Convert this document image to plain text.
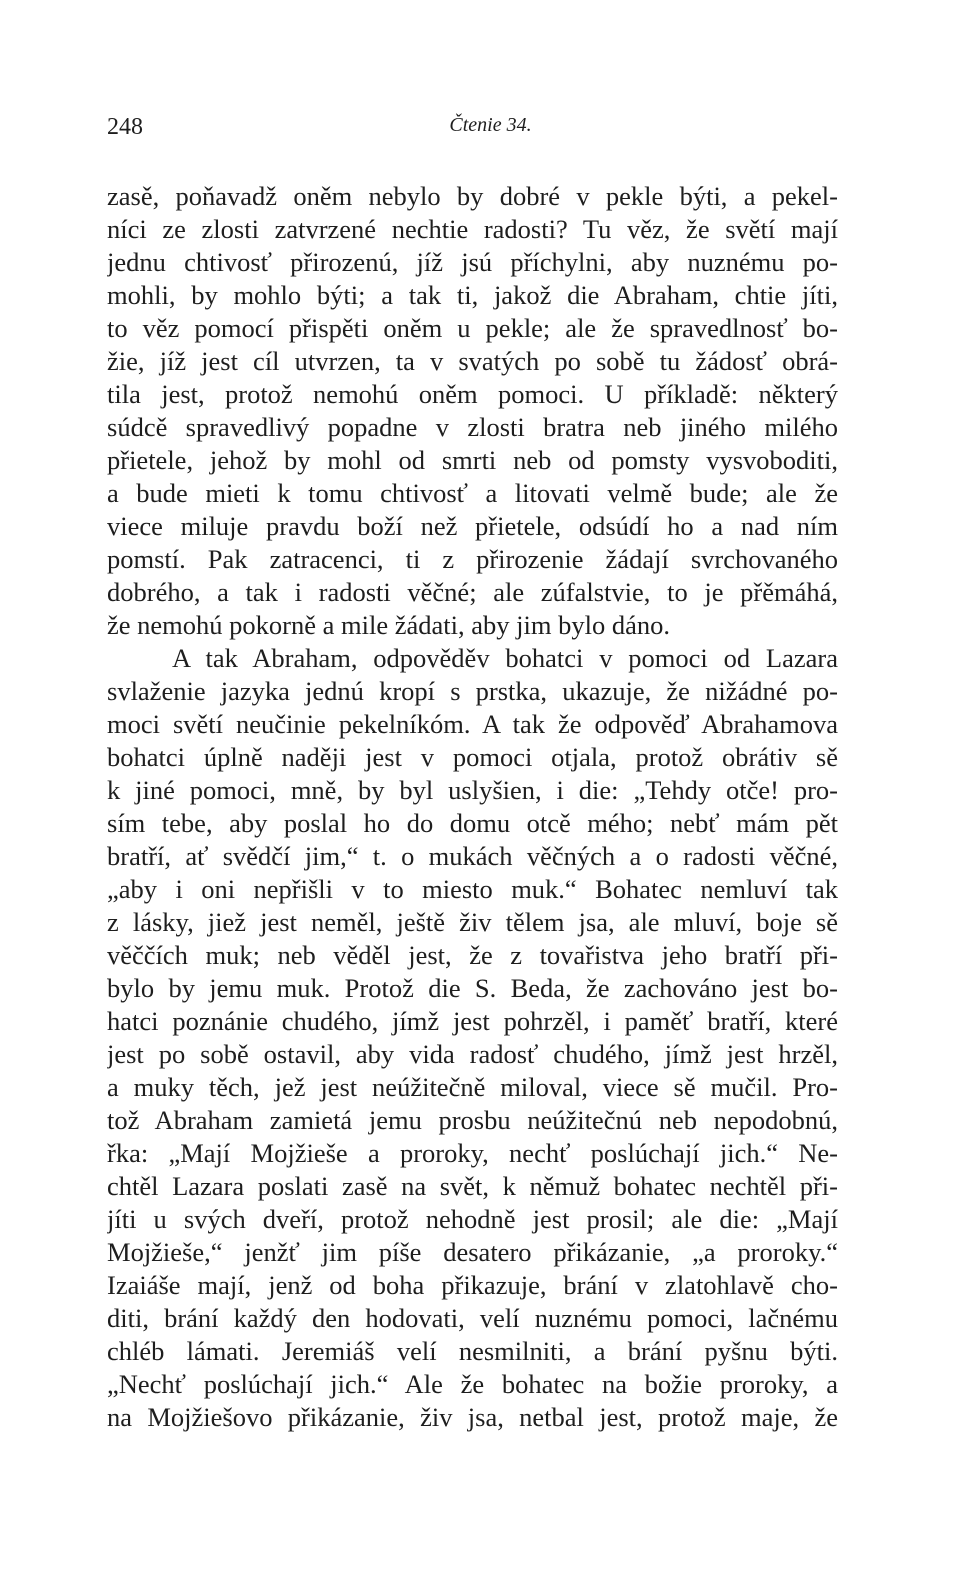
248	Čtenie 34.
zasě, poňavadž oněm nebylo by dobré v pekle býti, a pekel-
níci ze zlosti zatvrzené nechtie radosti? Tu věz, že světí mají
jednu chtivosť přirozenú, jíž jsú příchylni, aby nuznému po-
mohli, by mohlo býti; a tak ti, jakož die Abraham, chtie jíti,
to věz pomocí přispěti oněm u pekle; ale že spravedlnosť bo-
žie, jíž jest cíl utvrzen, ta v svatých po sobě tu žádosť obrá-
tila jest, protož nemohú oněm pomoci. U příkladě: některý
súdcě spravedlivý popadne v zlosti bratra neb jiného milého
přietele, jehož by mohl od smrti neb od pomsty vysvoboditi,
a bude mieti k tomu chtivosť a litovati velmě bude; ale že
viece miluje pravdu boží než přietele, odsúdí ho a nad ním
pomstí. Pak zatracenci, ti z přirozenie žádají svrchovaného
dobrého, a tak i radosti věčné; ale zúfalstvie, to je přěmáhá,
že nemohú pokorně a mile žádati, aby jim bylo dáno.
A tak Abraham, odpověděv bohatci v pomoci od Lazara
svlaženie jazyka jednú kropí s prstka, ukazuje, že nižádné po-
moci světí neučinie pekelníkóm. A tak že odpověď Abrahamova
bohatci úplně naději jest v pomoci otjala, protož obrátiv sě
k jiné pomoci, mně, by byl uslyšien, i die: „Tehdy otče! pro-
sím tebe, aby poslal ho do domu otcě mého; nebť mám pět
bratří, ať svědčí jim,“ t. o mukách věčných a o radosti věčné,
„aby i oni nepřišli v to miesto muk.“ Bohatec nemluví tak
z lásky, jiež jest neměl, ještě živ tělem jsa, ale mluví, boje sě
věččích muk; neb věděl jest, že z tovařistva jeho bratří při-
bylo by jemu muk. Protož die S. Beda, že zachováno jest bo-
hatci poznánie chudého, jímž jest pohrzěl, i paměť bratří, které
jest po sobě ostavil, aby vida radosť chudého, jímž jest hrzěl,
a muky těch, jež jest neúžitečně miloval, viece sě mučil. Pro-
tož Abraham zamietá jemu prosbu neúžitečnú neb nepodobnú,
řka: „Mají Mojžieše a proroky, nechť poslúchají jich.“ Ne-
chtěl Lazara poslati zasě na svět, k němuž bohatec nechtěl při-
jíti u svých dveří, protož nehodně jest prosil; ale die: „Mají
Mojžieše,“ jenžť jim píše desatero přikázanie, „a proroky.“
Izaiáše mají, jenž od boha přikazuje, brání v zlatohlavě cho-
diti, brání každý den hodovati, velí nuznému pomoci, lačnému
chléb lámati. Jeremiáš velí nesmilniti, a brání pyšnu býti.
„Nechť poslúchají jich.“ Ale že bohatec na božie proroky, a
na Mojžiešovo přikázanie, živ jsa, netbal jest, protož maje, že
